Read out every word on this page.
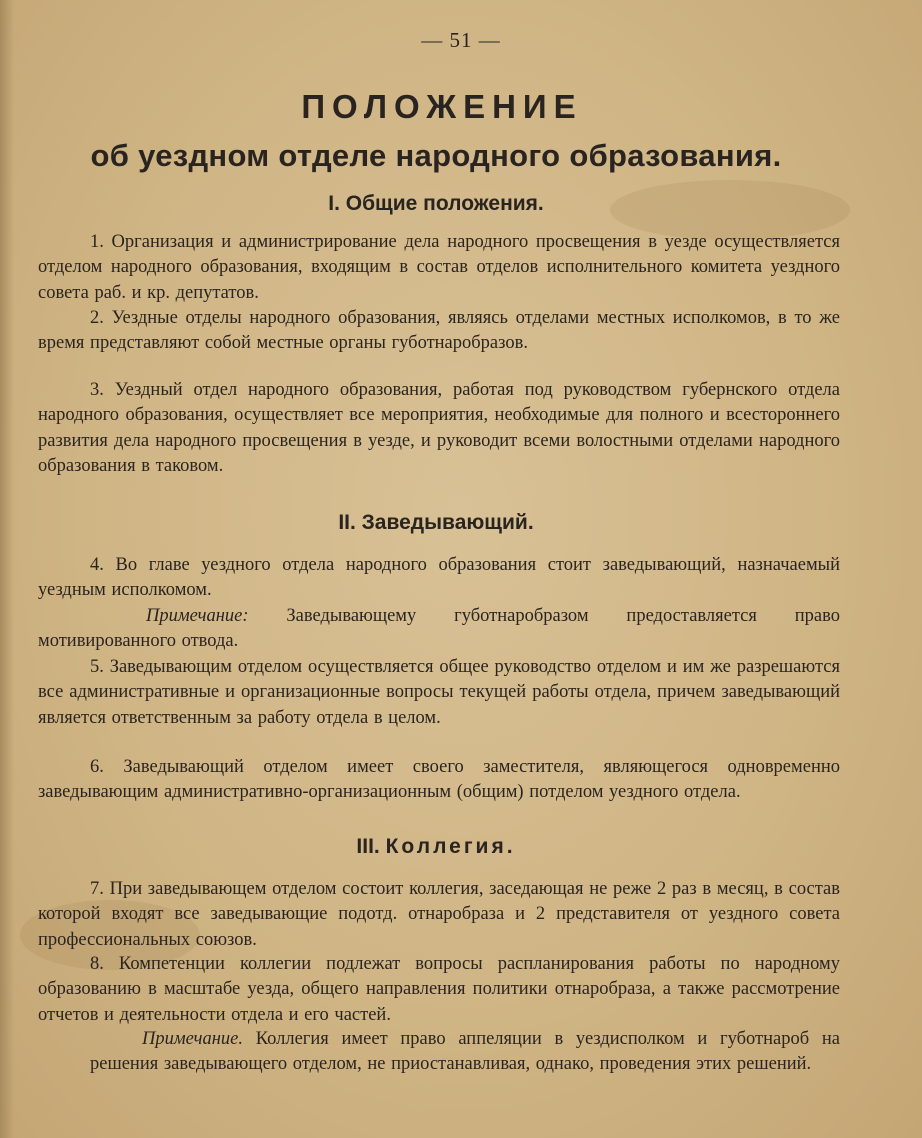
— 51 —
ПОЛОЖЕНИЕ
об уездном отделе народного образования.
I. Общие положения.
1. Организация и администрирование дела народного просвещения в уезде осуществляется отделом народного образования, входящим в состав отделов исполнительного комитета уездного совета раб. и кр. депутатов.
2. Уездные отделы народного образования, являясь отделами местных исполкомов, в то же время представляют собой местные органы губотнаробразов.
3. Уездный отдел народного образования, работая под руководством губернского отдела народного образования, осуществляет все мероприятия, необходимые для полного и всестороннего развития дела народного просвещения в уезде, и руководит всеми волостными отделами народного образования в таковом.
II. Заведывающий.
4. Во главе уездного отдела народного образования стоит заведывающий, назначаемый уездным исполкомом.
Примечание: Заведывающему губотнаробразом предоставляется право мотивированного отвода.
5. Заведывающим отделом осуществляется общее руководство отделом и им же разрешаются все административные и организационные вопросы текущей работы отдела, причем заведывающий является ответственным за работу отдела в целом.
6. Заведывающий отделом имеет своего заместителя, являющегося одновременно заведывающим административно-организационным (общим) потделом уездного отдела.
III. Коллегия.
7. При заведывающем отделом состоит коллегия, заседающая не реже 2 раз в месяц, в состав которой входят все заведывающие подотд. отнаробраза и 2 представителя от уездного совета профессиональных союзов.
8. Компетенции коллегии подлежат вопросы распланирования работы по народному образованию в масштабе уезда, общего направления политики отнаробраза, а также рассмотрение отчетов и деятельности отдела и его частей.
Примечание. Коллегия имеет право аппеляции в уездисполком и губотнароб на решения заведывающего отделом, не приостанавливая, однако, проведения этих решений.
